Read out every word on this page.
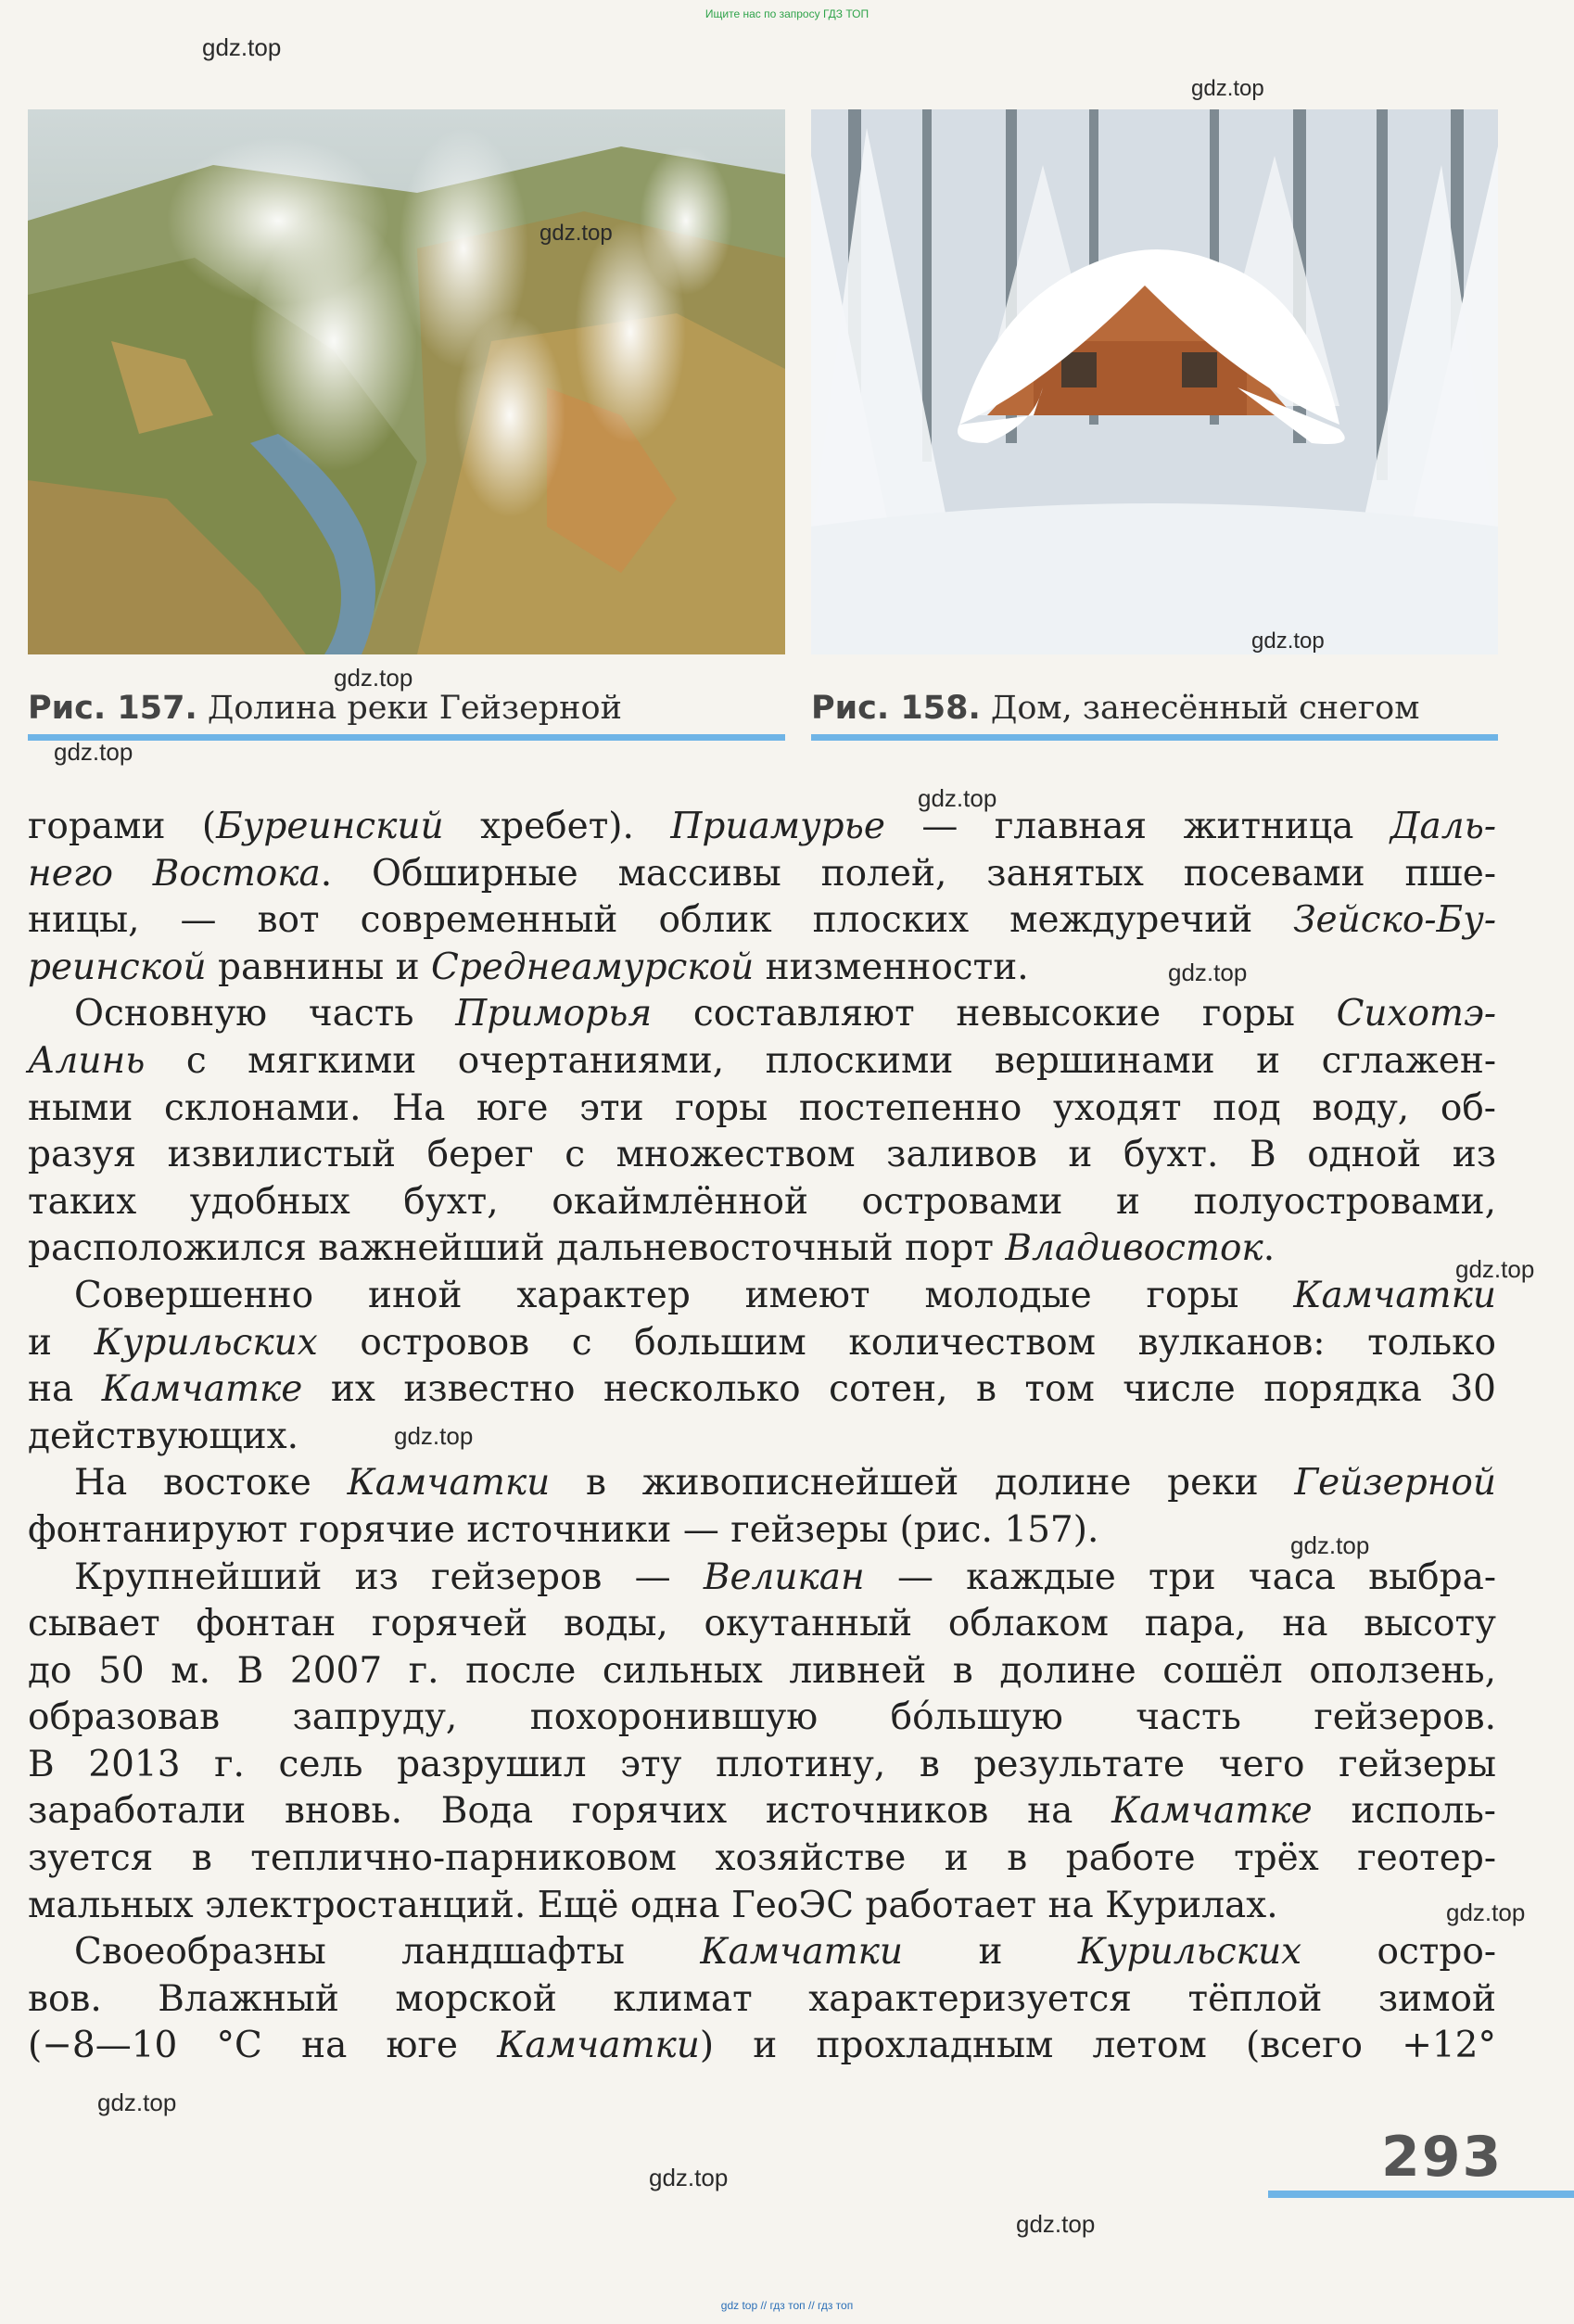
Ищите нас по запросу ГДЗ ТОП
Рис. 157. Долина реки Гейзерной	Рис. 158. Дом, занесённый снегом
горами (Буреинский хребет). Приамурье — главная житница Даль-
него Востока. Обширные массивы полей, занятых посевами пше-
ницы, — вот современный облик плоских междуречий Зейско-Бу-
реинской равнины и Среднеамурской низменности.
Основную часть Приморья составляют невысокие горы Сихотэ-
Алинь с мягкими очертаниями, плоскими вершинами и сглажен-
ными склонами. На юге эти горы постепенно уходят под воду, об-
разуя извилистый берег с множеством заливов и бухт. В одной из
таких удобных бухт, окаймлённой островами и полуостровами,
расположился важнейший дальневосточный порт Владивосток.
Совершенно иной характер имеют молодые горы Камчатки
и Курильских островов с большим количеством вулканов: только
на Камчатке их известно несколько сотен, в том числе порядка 30
действующих.
На востоке Камчатки в живописнейшей долине реки Гейзерной
фонтанируют горячие источники — гейзеры (рис. 157).
Крупнейший из гейзеров — Великан — каждые три часа выбра-
сывает фонтан горячей воды, окутанный облаком пара, на высоту
до 50 м. В 2007 г. после сильных ливней в долине сошёл оползень,
образовав запруду, похоронившую бóльшую часть гейзеров.
В 2013 г. сель разрушил эту плотину, в результате чего гейзеры
заработали вновь. Вода горячих источников на Камчатке исполь-
зуется в тепличнo-парниковом хозяйстве и в работе трёх геотер-
мальных электростанций. Ещё одна ГеоЭС работает на Курилах.
Своеобразны ландшафты Камчатки и Курильских остро-
вов. Влажный морской климат характеризуется тёплой зимой
(−8—10 °С на юге Камчатки) и прохладным летом (всего +12°
gdz.top
gdz.top
gdz.top
gdz.top
gdz.top
gdz.top
gdz.top
gdz.top
gdz.top
gdz.top
gdz.top
gdz.top
gdz.top
gdz.top
gdz.top
293
gdz top // гдз топ // гдз топ
